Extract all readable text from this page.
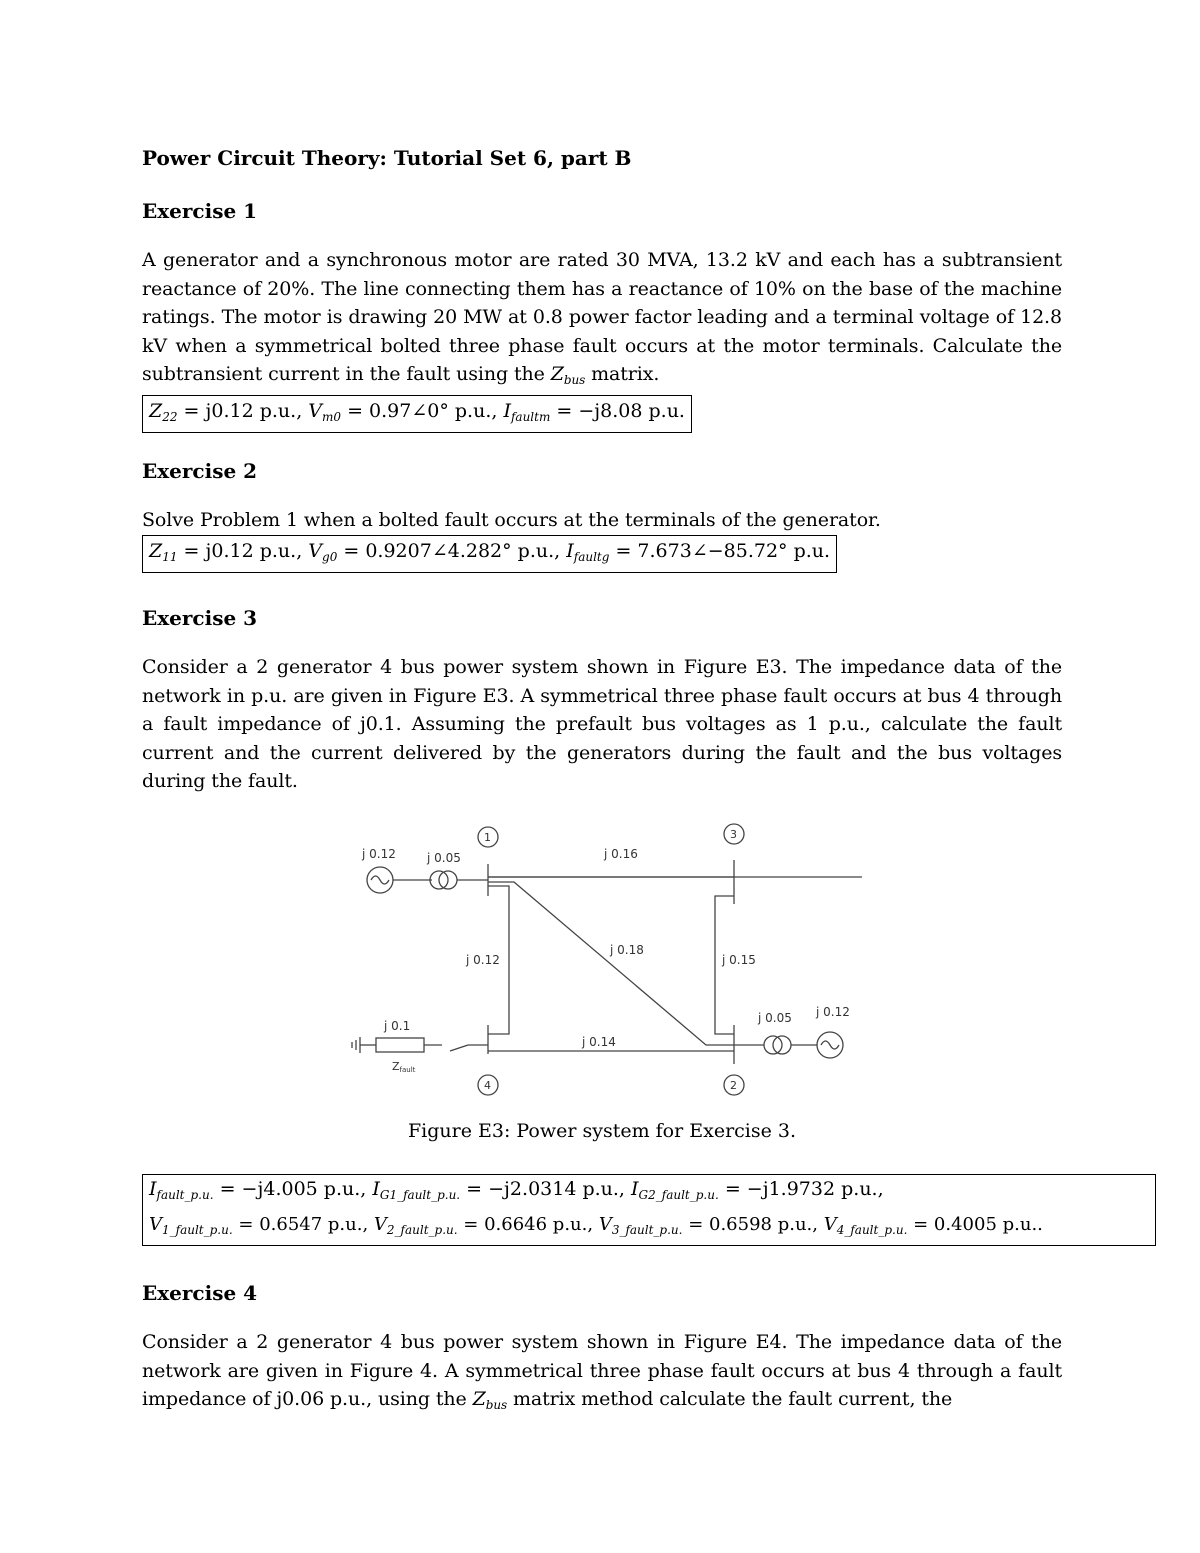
Power Circuit Theory: Tutorial Set 6, part B

Exercise 1

A generator and a synchronous motor are rated 30 MVA, 13.2 kV and each has a subtransient reactance of 20%. The line connecting them has a reactance of 10% on the base of the machine ratings. The motor is drawing 20 MW at 0.8 power factor leading and a terminal voltage of 12.8 kV when a symmetrical bolted three phase fault occurs at the motor terminals. Calculate the subtransient current in the fault using the $Z_{bus}$ matrix.

$Z_{22} = j0.12$ p.u., $V_{m0}$ = 0.97∠0° p.u., $I_{faultm} = -j8.08$ p.u.

Exercise 2

Solve Problem 1 when a bolted fault occurs at the terminals of the generator.

$Z_{11} = j0.12$ p.u., $V_{g0}$ = 0.9207∠4.282° p.u., $I_{faultg}$ = 7.673∠−85.72° p.u.

Exercise 3

Consider a 2 generator 4 bus power system shown in Figure E3. The impedance data of the network in p.u. are given in Figure E3. A symmetrical three phase fault occurs at bus 4 through a fault impedance of j0.1. Assuming the prefault bus voltages as 1 p.u., calculate the fault current and the current delivered by the generators during the fault and the bus voltages during the fault.

j 0.12	j 0.05	j 0.16
j 0.12
j 0.18
j 0.15
j 0.14
j 0.05 j 0.12
j 0.1
Zfault
1	3
4	2

Figure E3: Power system for Exercise 3.

$I_{fault\_p.u.} = -j4.005$ p.u., $I_{G1\_fault\_p.u.} = -j2.0314$ p.u., $I_{G2\_fault\_p.u.} = -j1.9732$ p.u.,
$V_{1\_fault\_p.u.} = 0.6547$ p.u., $V_{2\_fault\_p.u.} = 0.6646$ p.u., $V_{3\_fault\_p.u.} = 0.6598$ p.u., $V_{4\_fault\_p.u.} = 0.4005$ p.u..

Exercise 4

Consider a 2 generator 4 bus power system shown in Figure E4. The impedance data of the network are given in Figure 4. A symmetrical three phase fault occurs at bus 4 through a fault impedance of j0.06 p.u., using the $Z_{bus}$ matrix method calculate the fault current, the
